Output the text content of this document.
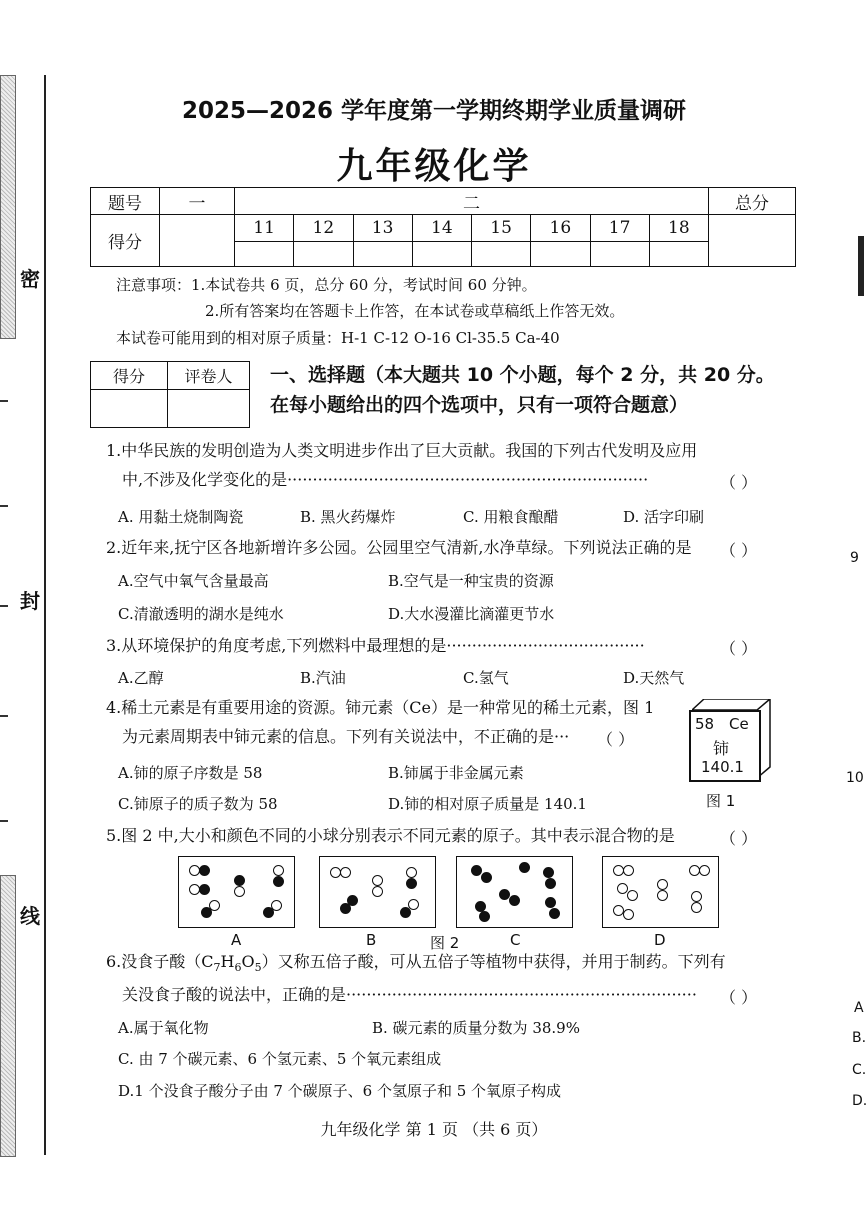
密
封
线
2025—2026 学年度第一学期终期学业质量调研
九年级化学
题号	一	二								总分
得分		11	12	13	14	15	16	17	18	

注意事项：1.本试卷共 6 页，总分 60 分，考试时间 60 分钟。
2.所有答案均在答题卡上作答，在本试卷或草稿纸上作答无效。
本试卷可能用到的相对原子质量：H-1 C-12 O-16 Cl-35.5 Ca-40
得分	评卷人
	一、选择题（本大题共 10 个小题，每个 2 分，共 20 分。
在每小题给出的四个选项中，只有一项符合题意）
1.中华民族的发明创造为人类文明进步作出了巨大贡献。我国的下列古代发明及应用
中,不涉及化学变化的是·······································································	（ ）
A. 用黏土烧制陶瓷	B. 黑火药爆炸	C. 用粮食酿醋	D. 活字印刷
2.近年来,抚宁区各地新增许多公园。公园里空气清新,水净草绿。下列说法正确的是 （ ）
A.空气中氧气含量最高	B.空气是一种宝贵的资源
C.清澈透明的湖水是纯水	D.大水漫灌比滴灌更节水
3.从环境保护的角度考虑,下列燃料中最理想的是·······································	（ ）
A.乙醇	B.汽油	C.氢气	D.天然气
4.稀土元素是有重要用途的资源。铈元素（Ce）是一种常见的稀土元素，图 1
为元素周期表中铈元素的信息。下列有关说法中，不正确的是··· （ ）
A.铈的原子序数是 58	B.铈属于非金属元素
C.铈原子的质子数为 58	D.铈的相对原子质量是 140.1
58 Ce
铈
140.1
图 1
5.图 2 中,大小和颜色不同的小球分别表示不同元素的原子。其中表示混合物的是	（ ）
A	B	图 2	C	D
6.没食子酸$(C_7H_6O_5)$又称五倍子酸，可从五倍子等植物中获得，并用于制药。下列有
关没食子酸的说法中，正确的是····································································· （ ）
A.属于氧化物	B. 碳元素的质量分数为 38.9%
C. 由 7 个碳元素、6 个氢元素、5 个氧元素组成
D.1 个没食子酸分子由 7 个碳原子、6 个氢原子和 5 个氧原子构成
九年级化学 第 1 页 （共 6 页）
9
10
A
B.
C.
D.
